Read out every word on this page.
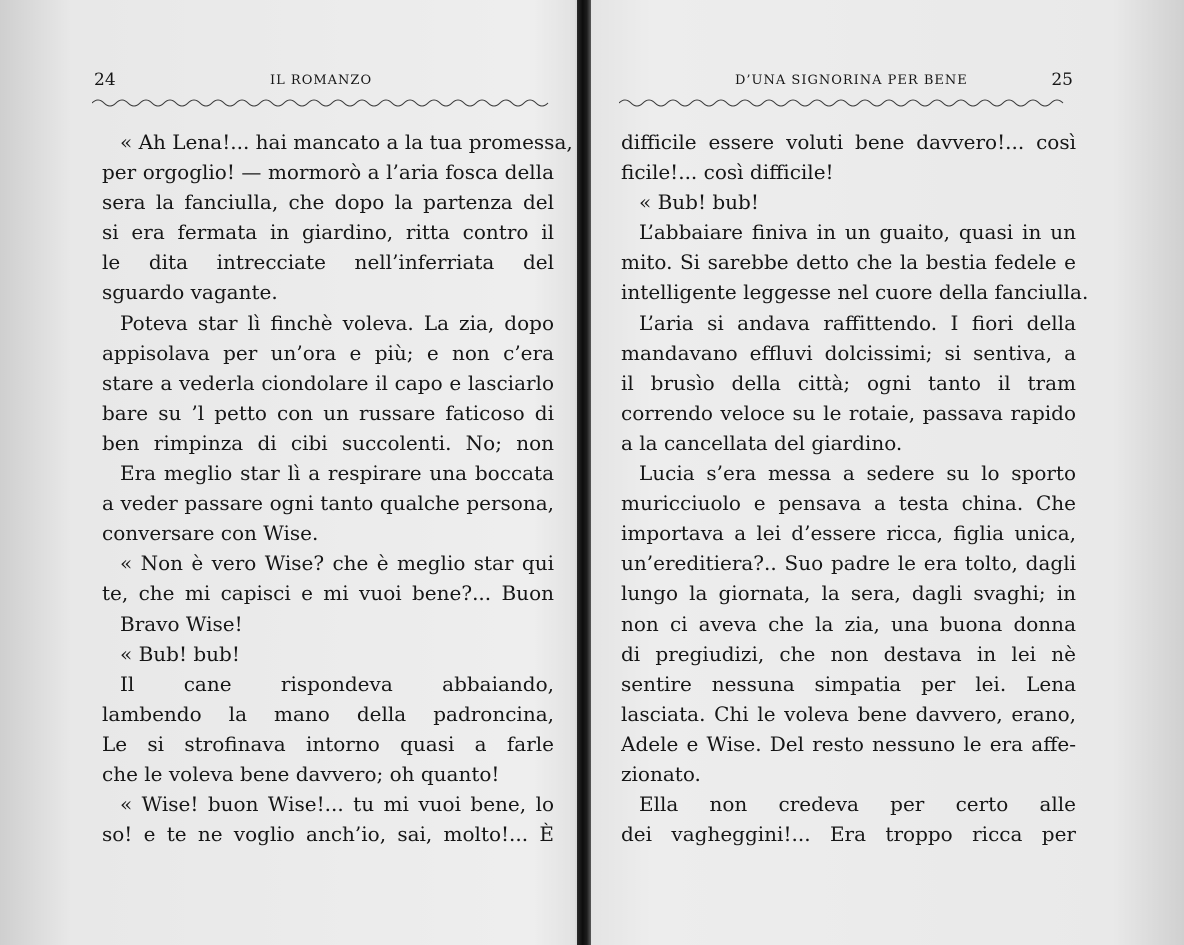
24	IL ROMANZO
« Ah Lena!... hai mancato a la tua promessa,
per orgoglio! — mormorò a l’aria fosca della
sera la fanciulla, che dopo la partenza del
si era fermata in giardino, ritta contro il
le dita intrecciate nell’inferriata del
sguardo vagante.
Poteva star lì finchè voleva. La zia, dopo
appisolava per un’ora e più; e non c’era
stare a vederla ciondolare il capo e lasciarlo
bare su ’l petto con un russare faticoso di
ben rimpinza di cibi succolenti. No; non
Era meglio star lì a respirare una boccata
a veder passare ogni tanto qualche persona,
conversare con Wise.
« Non è vero Wise? che è meglio star qui
te, che mi capisci e mi vuoi bene?... Buon
Bravo Wise!
« Bub! bub!
Il cane rispondeva abbaiando,
lambendo la mano della padroncina,
Le si strofinava intorno quasi a farle
che le voleva bene davvero; oh quanto!
« Wise! buon Wise!... tu mi vuoi bene, lo
so! e te ne voglio anch’io, sai, molto!... È
D’UNA SIGNORINA PER BENE	25
difficile essere voluti bene davvero!... così
ficile!... così difficile!
« Bub! bub!
L’abbaiare finiva in un guaito, quasi in un
mito. Si sarebbe detto che la bestia fedele e
intelligente leggesse nel cuore della fanciulla.
L’aria si andava raffittendo. I fiori della
mandavano effluvi dolcissimi; si sentiva, a
il brusìo della città; ogni tanto il tram
correndo veloce su le rotaie, passava rapido
a la cancellata del giardino.
Lucia s’era messa a sedere su lo sporto
muricciuolo e pensava a testa china. Che
importava a lei d’essere ricca, figlia unica,
un’ereditiera?.. Suo padre le era tolto, dagli
lungo la giornata, la sera, dagli svaghi; in
non ci aveva che la zia, una buona donna
di pregiudizi, che non destava in lei nè
sentire nessuna simpatia per lei. Lena
lasciata. Chi le voleva bene davvero, erano,
Adele e Wise. Del resto nessuno le era affe-
zionato.
Ella non credeva per certo alle
dei vagheggini!... Era troppo ricca per
